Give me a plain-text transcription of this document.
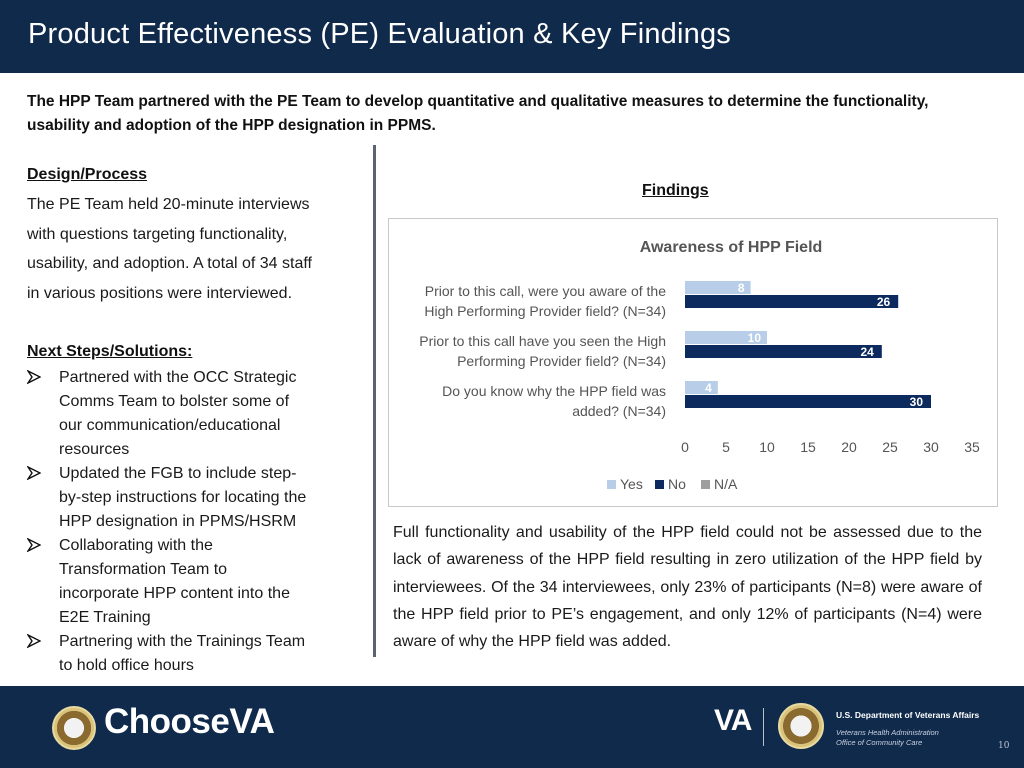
Product Effectiveness (PE) Evaluation & Key Findings

The HPP Team partnered with the PE Team to develop quantitative and qualitative measures to determine the functionality, usability and adoption of the HPP designation in PPMS.

Design/Process
The PE Team held 20-minute interviews
with questions targeting functionality,
usability, and adoption. A total of 34 staff
in various positions were interviewed.
Next Steps/Solutions:
Partnered with the OCC Strategic
Comms Team to bolster some of
our communication/educational
resources
Updated the FGB to include step-
by-step instructions for locating the
HPP designation in PPMS/HSRM
Collaborating with the
Transformation Team to
incorporate HPP content into the
E2E Training
Partnering with the Trainings Team
to hold office hours
Findings
Awareness of HPP Field
Prior to this call, were you aware of the
High Performing Provider field? (N=34)
8
26
Prior to this call have you seen the High
Performing Provider field? (N=34)
10
24
Do you know why the HPP field was
added? (N=34)
4
30
0 5 10 15 20 25 30 35
Yes No N/A

Full functionality and usability of the HPP field could not be assessed due to the lack of awareness of the HPP field resulting in zero utilization of the HPP field by interviewees. Of the 34 interviewees, only 23% of participants (N=8) were aware of the HPP field prior to PE’s engagement, and only 12% of participants (N=4) were aware of why the HPP field was added.

ChooseVA	VA	U.S. Department of Veterans Affairs
Veterans Health Administration
Office of Community Care	10
